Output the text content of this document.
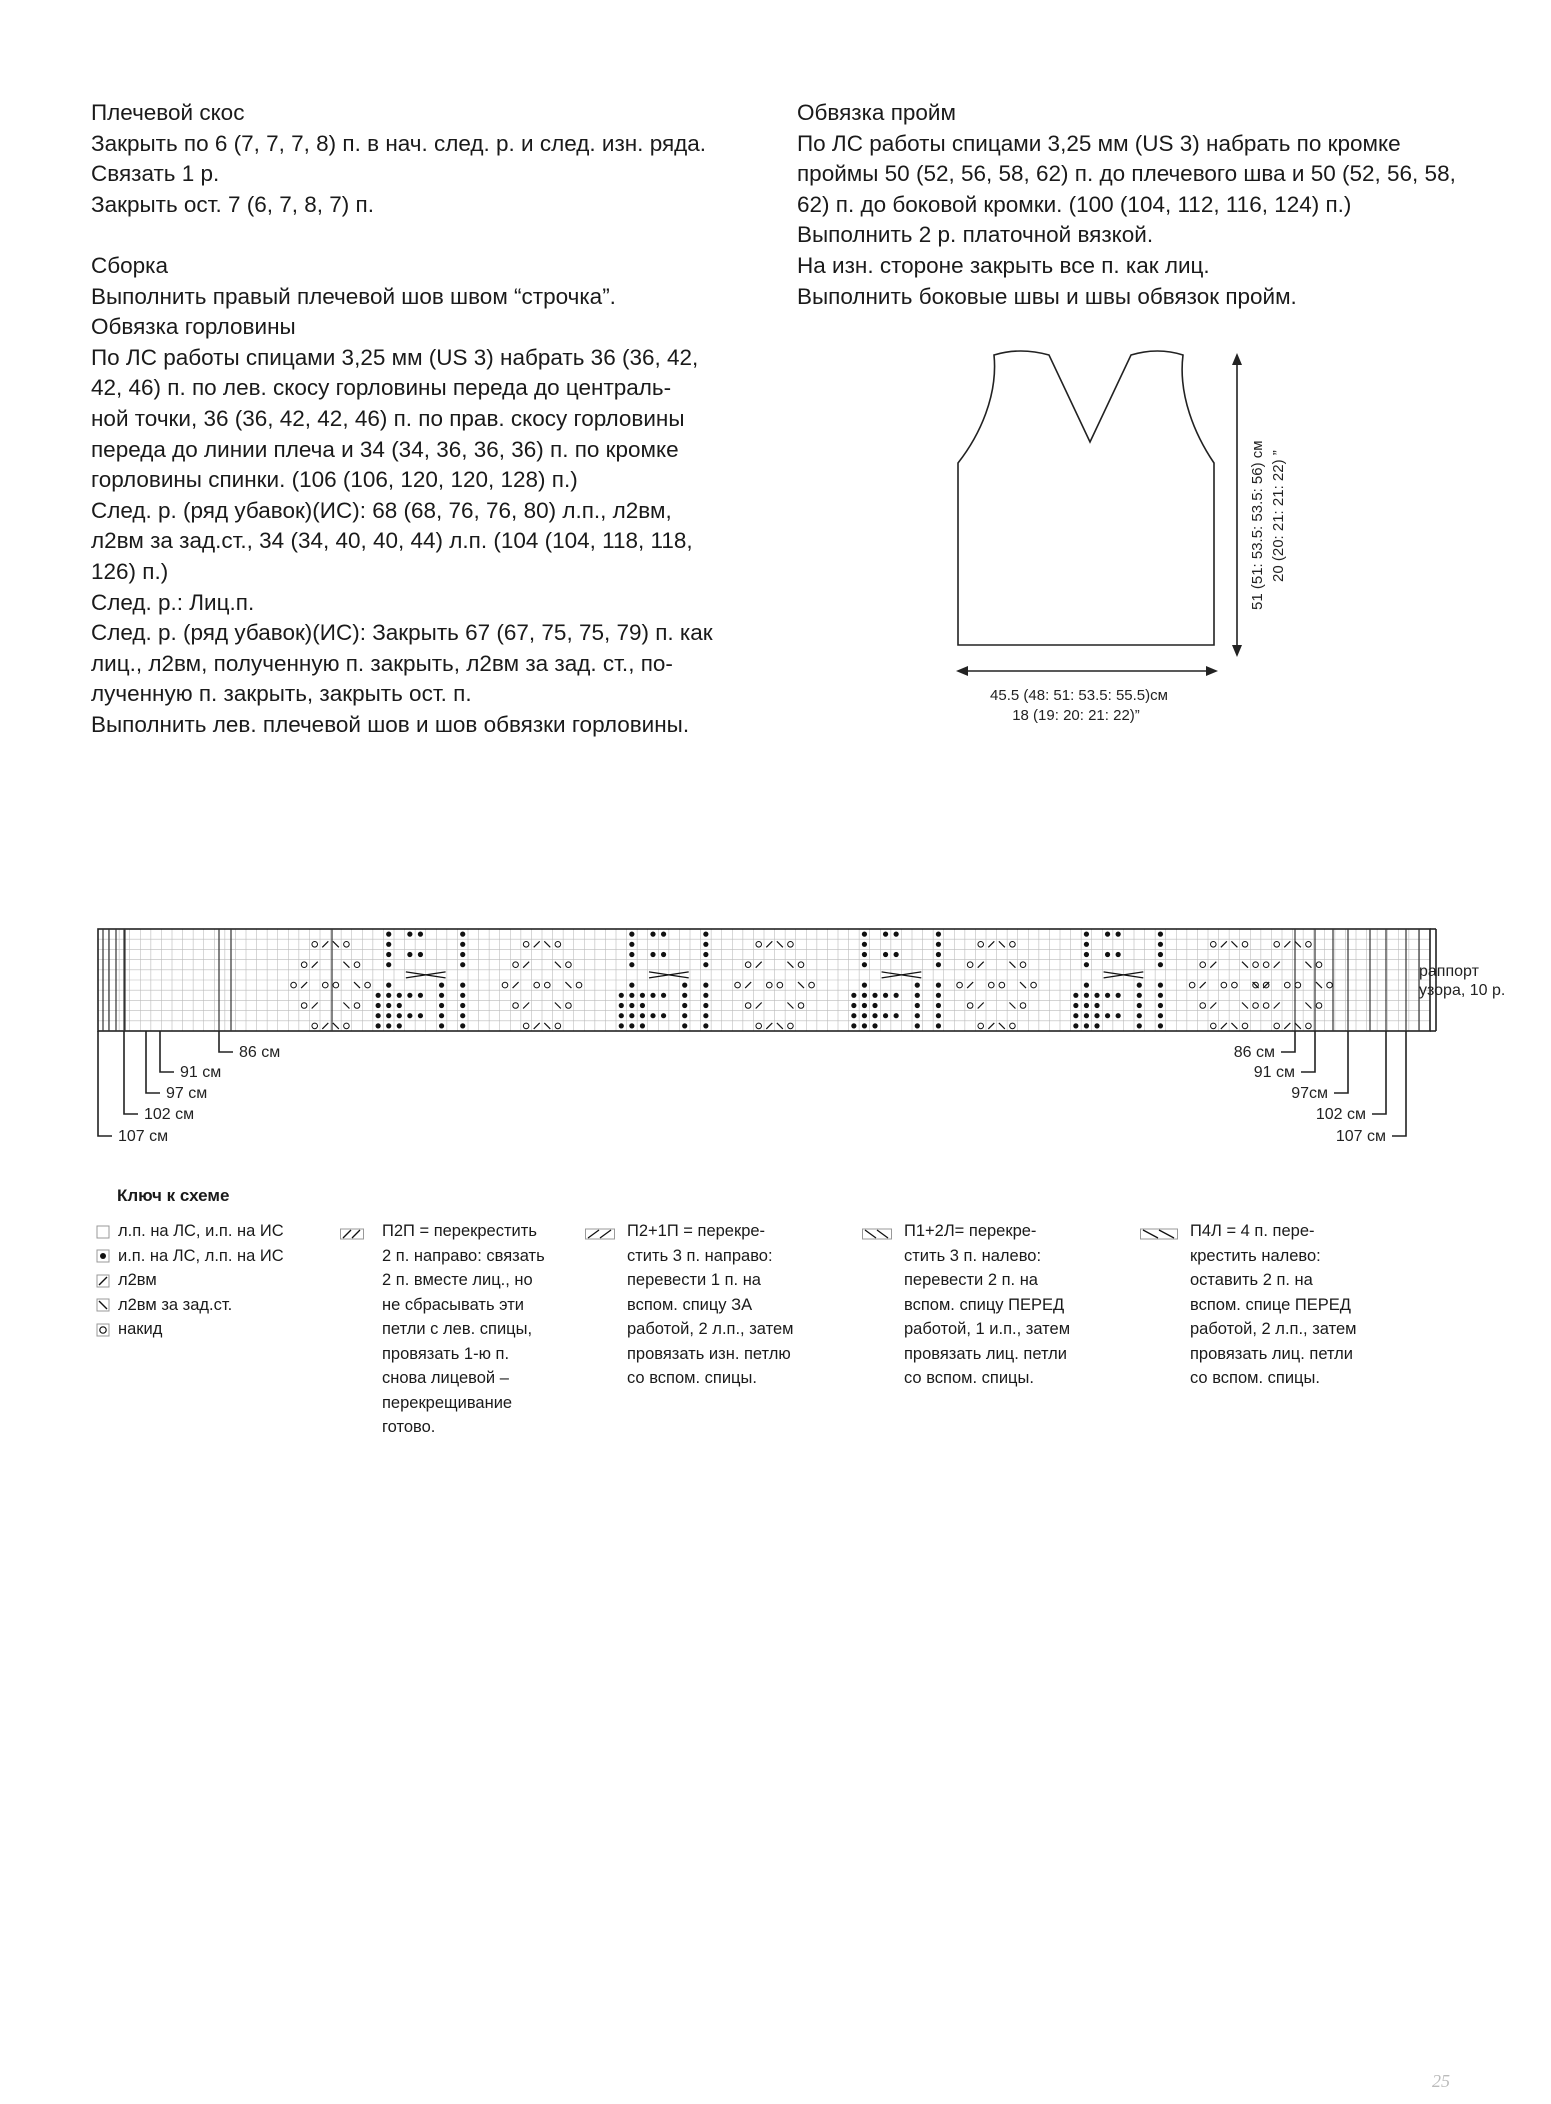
Плечевой скос

Закрыть по 6 (7, 7, 7, 8) п. в нач. след. р. и след. изн. ряда.

Связать 1 р.

Закрыть ост. 7 (6, 7, 8, 7) п.

Сборка

Выполнить правый плечевой шов швом “строчка”.

Обвязка горловины

По ЛС работы спицами 3,25 мм (US 3) набрать 36 (36, 42,

42, 46) п. по лев. скосу горловины переда до централь-

ной точки, 36 (36, 42, 42, 46) п. по прав. скосу горловины

переда до линии плеча и 34 (34, 36, 36, 36) п. по кромке

горловины спинки. (106 (106, 120, 120, 128) п.)

След. р. (ряд убавок)(ИС): 68 (68, 76, 76, 80) л.п., л2вм,

л2вм за зад.ст., 34 (34, 40, 40, 44) л.п. (104 (104, 118, 118,

126) п.)

След. р.: Лиц.п.

След. р. (ряд убавок)(ИС): Закрыть 67 (67, 75, 75, 79) п. как

лиц., л2вм, полученную п. закрыть, л2вм за зад. ст., по-

лученную п. закрыть, закрыть ост. п.

Выполнить лев. плечевой шов и шов обвязки горловины.

Обвязка пройм

По ЛС работы спицами 3,25 мм (US 3) набрать по кромке

проймы 50 (52, 56, 58, 62) п. до плечевого шва и 50 (52, 56, 58,

62) п. до боковой кромки. (100 (104, 112, 116, 124) п.)

Выполнить 2 р. платочной вязкой.

На изн. стороне закрыть все п. как лиц.

Выполнить боковые швы и швы обвязок пройм.

51 (51: 53.5: 53.5: 56) см 20 (20: 21: 21: 22) ”
45.5 (48: 51: 53.5: 55.5)см
18 (19: 20: 21: 22)”
86 см
91 см
97 см
102 см
107 см
86 см
91 см
97см
102 см
107 см
раппорт
узора, 10 р.
Ключ к схеме
л.п. на ЛС, и.п. на ИС
и.п. на ЛС, л.п. на ИС
л2вм
л2вм за зад.ст.
накид
П2П = перекрестить
2 п. направо: связать
2 п. вместе лиц., но
не сбрасывать эти
петли с лев. спицы,
провязать 1-ю п.
снова лицевой –
перекрещивание
готово.
П2+1П = перекре-
стить 3 п. направо:
перевести 1 п. на
вспом. спицу ЗА
работой, 2 л.п., затем
провязать изн. петлю
со вспом. спицы.
П1+2Л= перекре-
стить 3 п. налево:
перевести 2 п. на
вспом. спицу ПЕРЕД
работой, 1 и.п., затем
провязать лиц. петли
со вспом. спицы.
П4Л = 4 п. пере-
крестить налево:
оставить 2 п. на
вспом. спице ПЕРЕД
работой, 2 л.п., затем
провязать лиц. петли
со вспом. спицы.
25
